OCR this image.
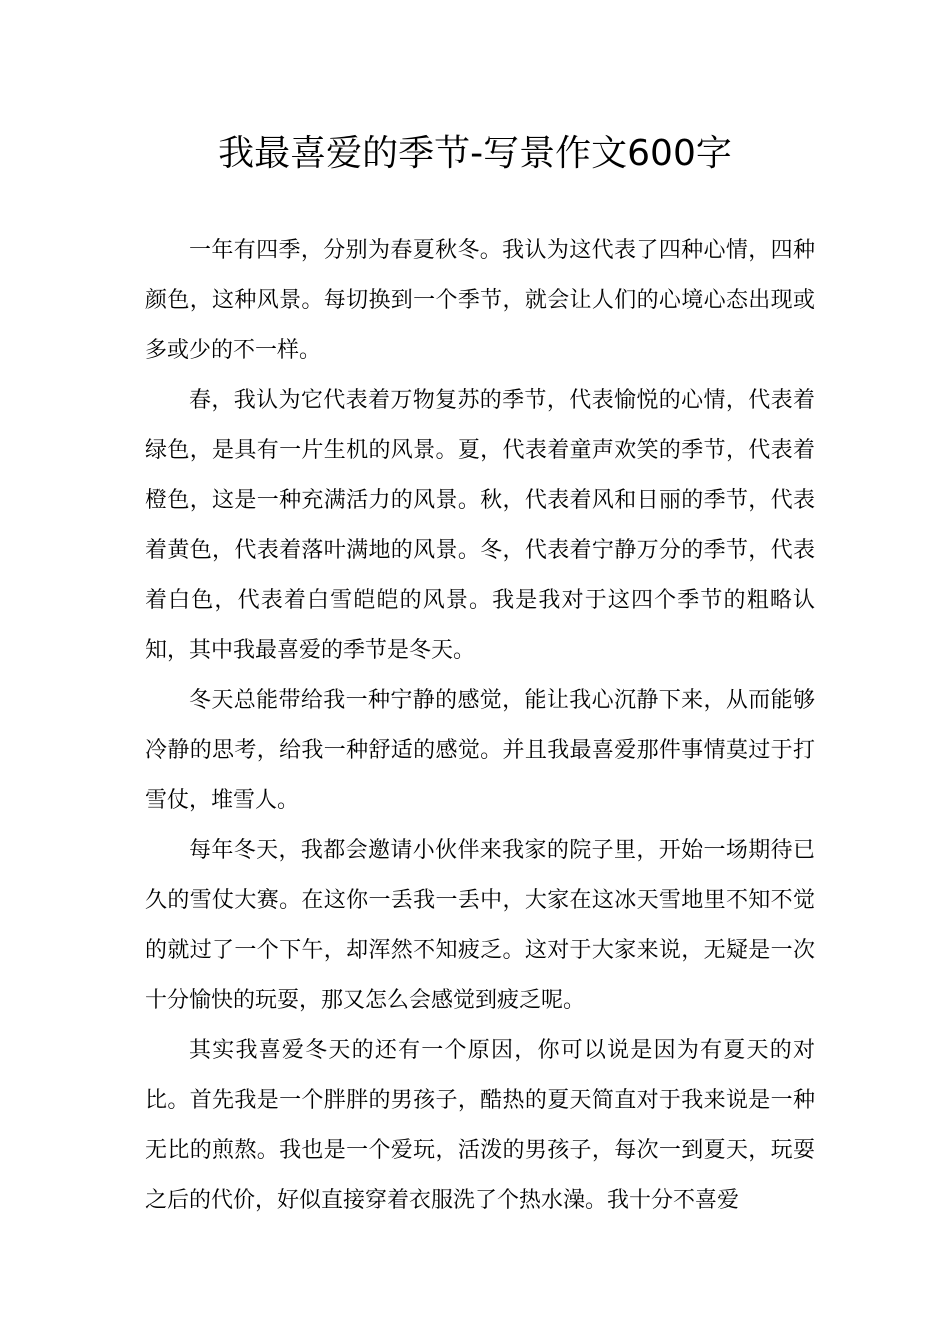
我最喜爱的季节-写景作文600字

一年有四季，分别为春夏秋冬。我认为这代表了四种心情，四种颜色，这种风景。每切换到一个季节，就会让人们的心境心态出现或多或少的不一样。

春，我认为它代表着万物复苏的季节，代表愉悦的心情，代表着绿色，是具有一片生机的风景。夏，代表着童声欢笑的季节，代表着橙色，这是一种充满活力的风景。秋，代表着风和日丽的季节，代表着黄色，代表着落叶满地的风景。冬，代表着宁静万分的季节，代表着白色，代表着白雪皑皑的风景。我是我对于这四个季节的粗略认知，其中我最喜爱的季节是冬天。

冬天总能带给我一种宁静的感觉，能让我心沉静下来，从而能够冷静的思考，给我一种舒适的感觉。并且我最喜爱那件事情莫过于打雪仗，堆雪人。

每年冬天，我都会邀请小伙伴来我家的院子里，开始一场期待已久的雪仗大赛。在这你一丢我一丢中，大家在这冰天雪地里不知不觉的就过了一个下午，却浑然不知疲乏。这对于大家来说，无疑是一次十分愉快的玩耍，那又怎么会感觉到疲乏呢。

其实我喜爱冬天的还有一个原因，你可以说是因为有夏天的对比。首先我是一个胖胖的男孩子，酷热的夏天简直对于我来说是一种无比的煎熬。我也是一个爱玩，活泼的男孩子，每次一到夏天，玩耍之后的代价，好似直接穿着衣服洗了个热水澡。我十分不喜爱
